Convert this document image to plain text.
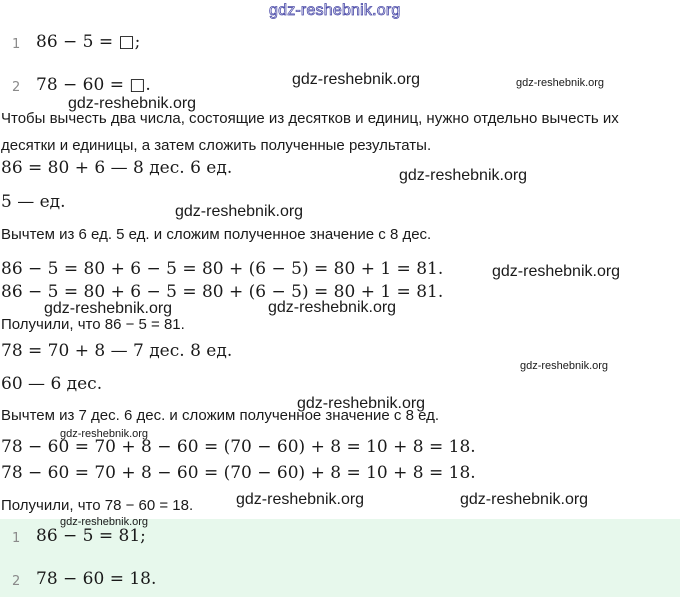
gdz-reshebnik.org
1 86 − 5 = □;
2 78 − 60 = □.
Чтобы вычесть два числа, состоящие из десятков и единиц, нужно отдельно вычесть их десятки и единицы, а затем сложить полученные результаты.
86 = 80 + 6 — 8 дес. 6 ед.
5 — ед.
Вычтем из 6 ед. 5 ед. и сложим полученное значение с 8 дес.
86 − 5 = 80 + 6 − 5 = 80 + (6 − 5) = 80 + 1 = 81.
86 − 5 = 80 + 6 − 5 = 80 + (6 − 5) = 80 + 1 = 81.
Получили, что 86 − 5 = 81.
78 = 70 + 8 — 7 дес. 8 ед.
60 — 6 дес.
Вычтем из 7 дес. 6 дес. и сложим полученное значение с 8 ед.
78 − 60 = 70 + 8 − 60 = (70 − 60) + 8 = 10 + 8 = 18.
78 − 60 = 70 + 8 − 60 = (70 − 60) + 8 = 10 + 8 = 18.
Получили, что 78 − 60 = 18.
1 86 − 5 = 81;
2 78 − 60 = 18.
gdz-reshebnik.org	gdz-reshebnik.org
gdz-reshebnik.org
gdz-reshebnik.org
gdz-reshebnik.org
gdz-reshebnik.org
gdz-reshebnik.org	gdz-reshebnik.org
gdz-reshebnik.org
gdz-reshebnik.org
gdz-reshebnik.org
gdz-reshebnik.org	gdz-reshebnik.org
gdz-reshebnik.org
